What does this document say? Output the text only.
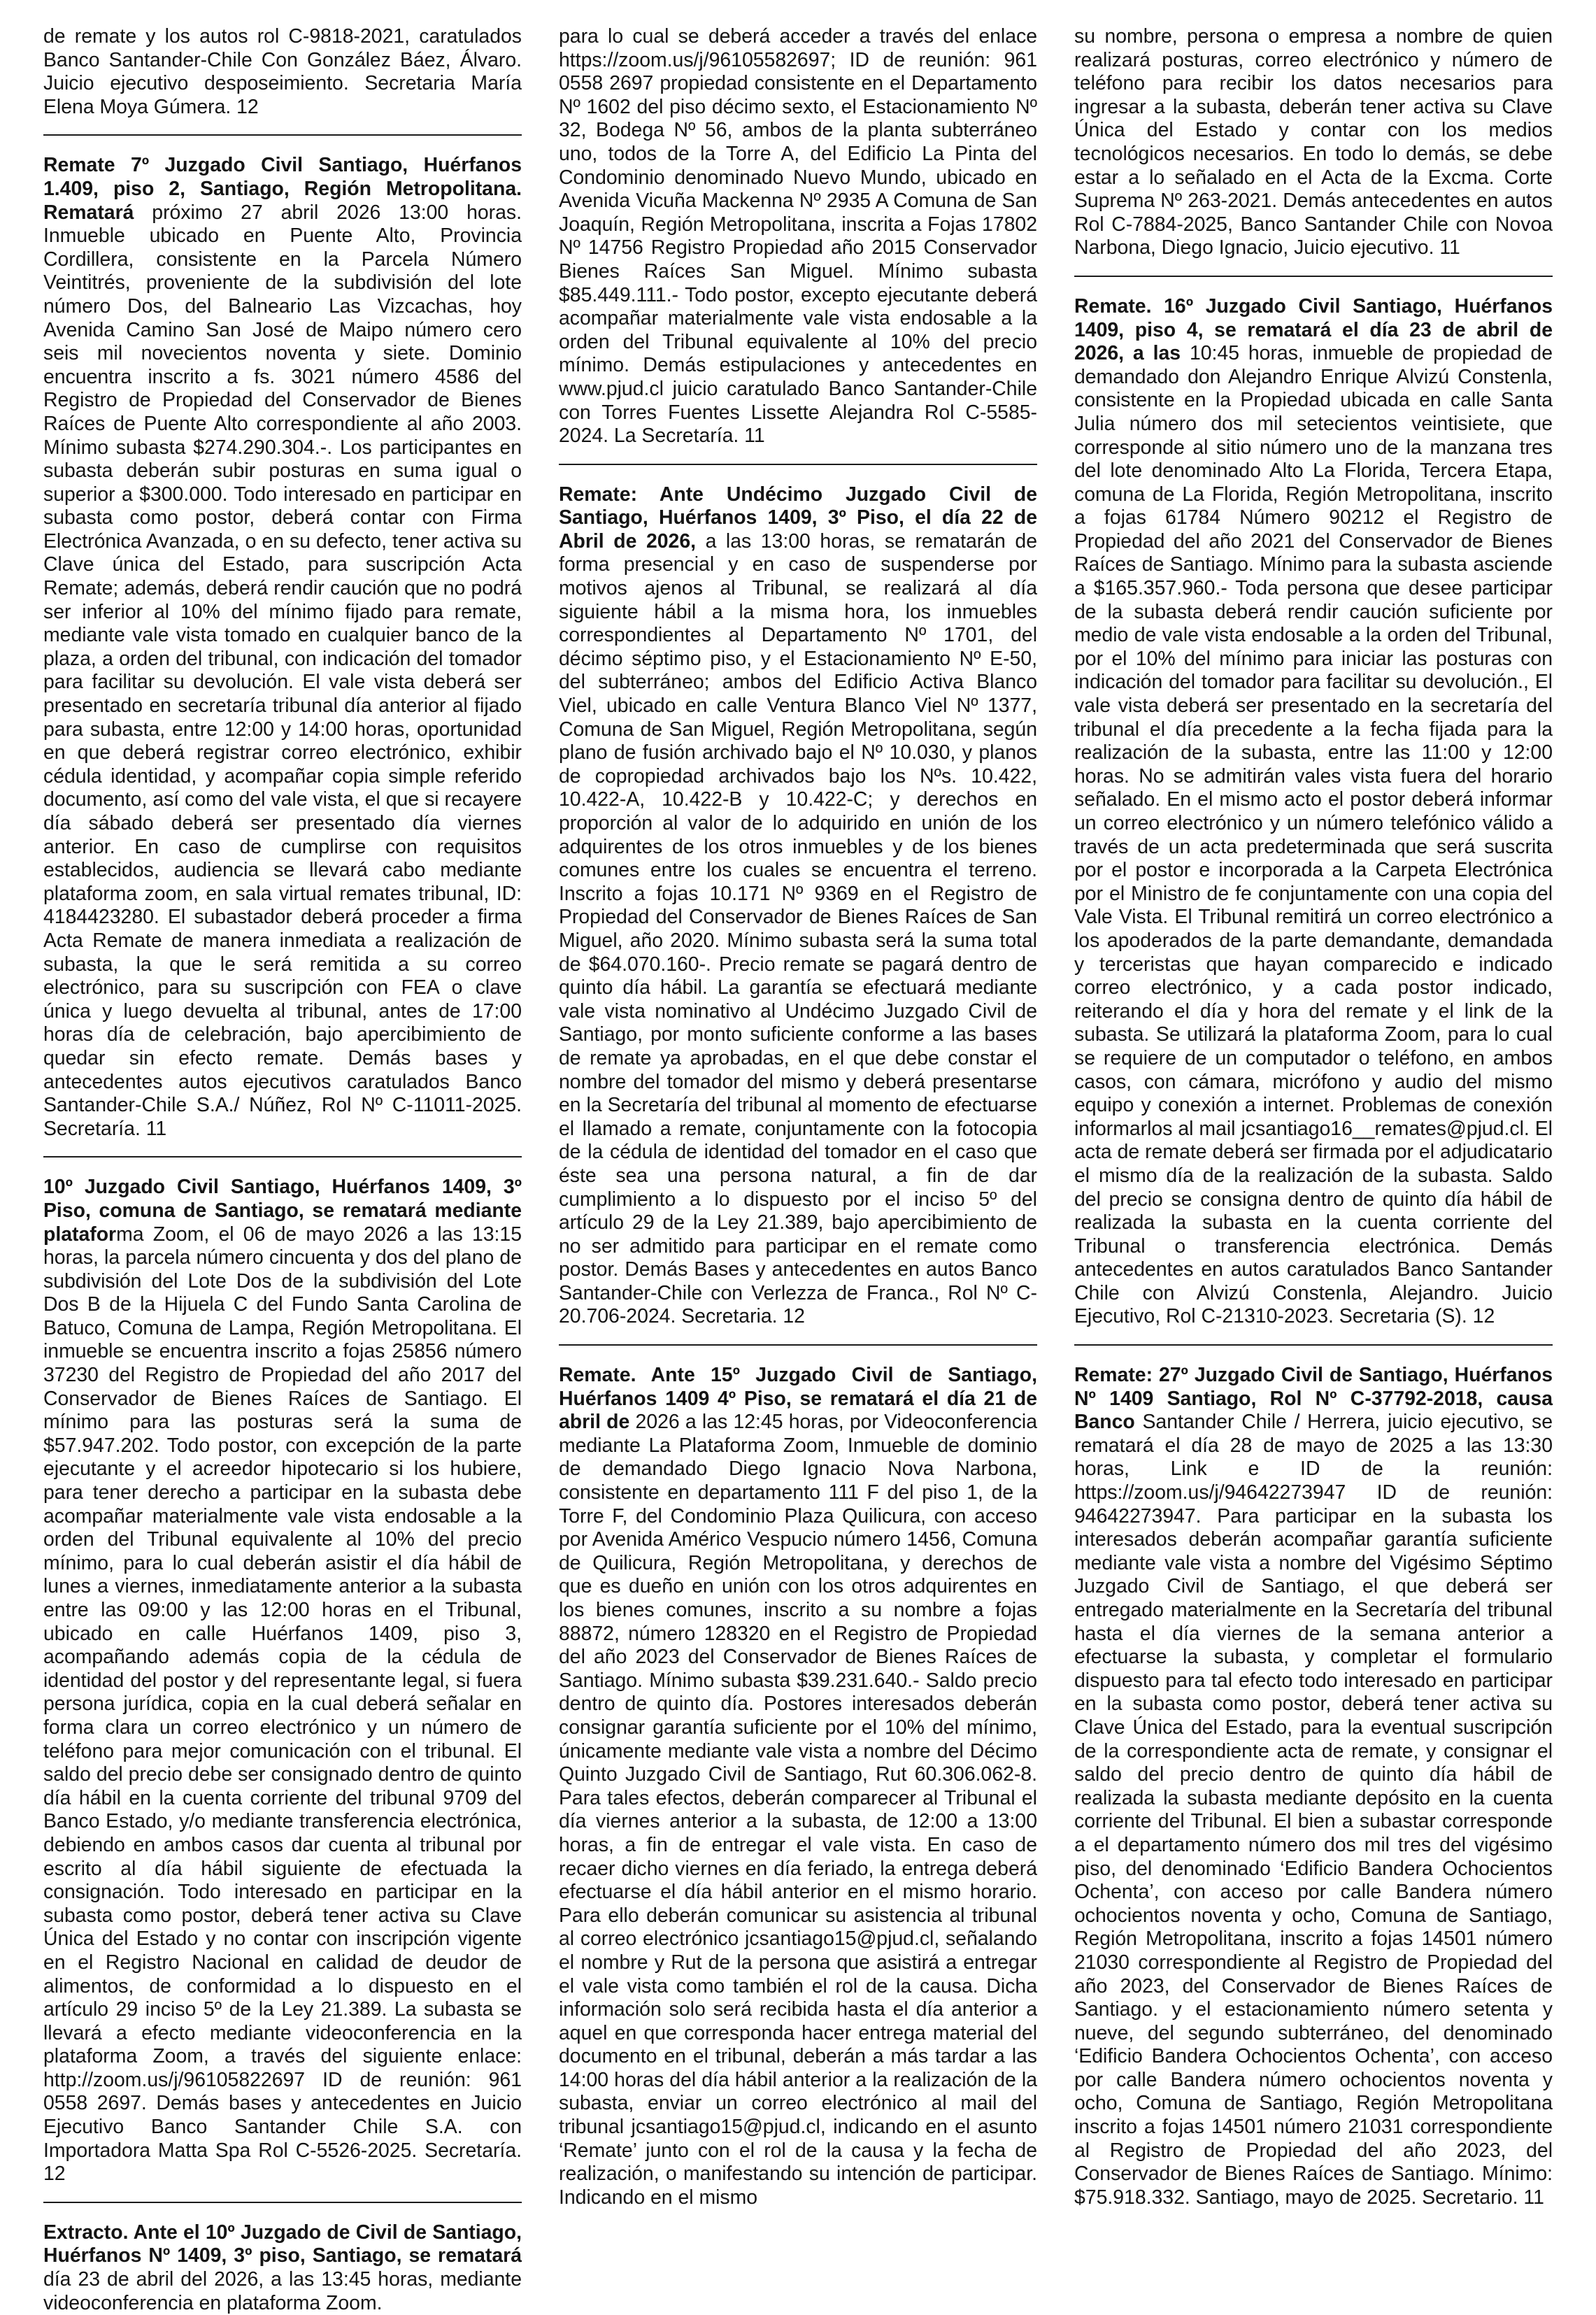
de remate y los autos rol C-9818-2021, caratulados Banco Santander-Chile Con González Báez, Álvaro. Juicio ejecutivo desposeimiento. Secretaria María Elena Moya Gúmera. 12

Remate 7º Juzgado Civil Santiago, Huérfanos 1.409, piso 2, Santiago, Región Metropolitana. Rematará próximo 27 abril 2026 13:00 horas. Inmueble ubicado en Puente Alto, Provincia Cordillera, consistente en la Parcela Número Veintitrés, proveniente de la subdivisión del lote número Dos, del Balneario Las Vizcachas, hoy Avenida Camino San José de Maipo número cero seis mil novecientos noventa y siete. Dominio encuentra inscrito a fs. 3021 número 4586 del Registro de Propiedad del Conservador de Bienes Raíces de Puente Alto correspondiente al año 2003. Mínimo subasta $274.290.304.-. Los participantes en subasta deberán subir posturas en suma igual o superior a $300.000. Todo interesado en participar en subasta como postor, deberá contar con Firma Electrónica Avanzada, o en su defecto, tener activa su Clave única del Estado, para suscripción Acta Remate; además, deberá rendir caución que no podrá ser inferior al 10% del mínimo fijado para remate, mediante vale vista tomado en cualquier banco de la plaza, a orden del tribunal, con indicación del tomador para facilitar su devolución. El vale vista deberá ser presentado en secretaría tribunal día anterior al fijado para subasta, entre 12:00 y 14:00 horas, oportunidad en que deberá registrar correo electrónico, exhibir cédula identidad, y acompañar copia simple referido documento, así como del vale vista, el que si recayere día sábado deberá ser presentado día viernes anterior. En caso de cumplirse con requisitos establecidos, audiencia se llevará cabo mediante plataforma zoom, en sala virtual remates tribunal, ID: 4184423280. El subastador deberá proceder a firma Acta Remate de manera inmediata a realización de subasta, la que le será remitida a su correo electrónico, para su suscripción con FEA o clave única y luego devuelta al tribunal, antes de 17:00 horas día de celebración, bajo apercibimiento de quedar sin efecto remate. Demás bases y antecedentes autos ejecutivos caratulados Banco Santander-Chile S.A./ Núñez, Rol Nº C-11011-2025. Secretaría. 11

10º Juzgado Civil Santiago, Huérfanos 1409, 3º Piso, comuna de Santiago, se rematará mediante plataforma Zoom, el 06 de mayo 2026 a las 13:15 horas, la parcela número cincuenta y dos del plano de subdivisión del Lote Dos de la subdivisión del Lote Dos B de la Hijuela C del Fundo Santa Carolina de Batuco, Comuna de Lampa, Región Metropolitana. El inmueble se encuentra inscrito a fojas 25856 número 37230 del Registro de Propiedad del año 2017 del Conservador de Bienes Raíces de Santiago. El mínimo para las posturas será la suma de $57.947.202. Todo postor, con excepción de la parte ejecutante y el acreedor hipotecario si los hubiere, para tener derecho a participar en la subasta debe acompañar materialmente vale vista endosable a la orden del Tribunal equivalente al 10% del precio mínimo, para lo cual deberán asistir el día hábil de lunes a viernes, inmediatamente anterior a la subasta entre las 09:00 y las 12:00 horas en el Tribunal, ubicado en calle Huérfanos 1409, piso 3, acompañando además copia de la cédula de identidad del postor y del representante legal, si fuera persona jurídica, copia en la cual deberá señalar en forma clara un correo electrónico y un número de teléfono para mejor comunicación con el tribunal. El saldo del precio debe ser consignado dentro de quinto día hábil en la cuenta corriente del tribunal 9709 del Banco Estado, y/o mediante transferencia electrónica, debiendo en ambos casos dar cuenta al tribunal por escrito al día hábil siguiente de efectuada la consignación. Todo interesado en participar en la subasta como postor, deberá tener activa su Clave Única del Estado y no contar con inscripción vigente en el Registro Nacional en calidad de deudor de alimentos, de conformidad a lo dispuesto en el artículo 29 inciso 5º de la Ley 21.389. La subasta se llevará a efecto mediante videoconferencia en la plataforma Zoom, a través del siguiente enlace: http://zoom.us/j/96105822697 ID de reunión: 961 0558 2697. Demás bases y antecedentes en Juicio Ejecutivo Banco Santander Chile S.A. con Importadora Matta Spa Rol C-5526-2025. Secretaría. 12

Extracto. Ante el 10º Juzgado de Civil de Santiago, Huérfanos Nº 1409, 3º piso, Santiago, se rematará día 23 de abril del 2026, a las 13:45 horas, mediante videoconferencia en plataforma Zoom.

para lo cual se deberá acceder a través del enlace https://zoom.us/j/96105582697; ID de reunión: 961 0558 2697 propiedad consistente en el Departamento Nº 1602 del piso décimo sexto, el Estacionamiento Nº 32, Bodega Nº 56, ambos de la planta subterráneo uno, todos de la Torre A, del Edificio La Pinta del Condominio denominado Nuevo Mundo, ubicado en Avenida Vicuña Mackenna Nº 2935 A Comuna de San Joaquín, Región Metropolitana, inscrita a Fojas 17802 Nº 14756 Registro Propiedad año 2015 Conservador Bienes Raíces San Miguel. Mínimo subasta $85.449.111.- Todo postor, excepto ejecutante deberá acompañar materialmente vale vista endosable a la orden del Tribunal equivalente al 10% del precio mínimo. Demás estipulaciones y antecedentes en www.pjud.cl juicio caratulado Banco Santander-Chile con Torres Fuentes Lissette Alejandra Rol C-5585-2024. La Secretaría. 11

Remate: Ante Undécimo Juzgado Civil de Santiago, Huérfanos 1409, 3º Piso, el día 22 de Abril de 2026, a las 13:00 horas, se rematarán de forma presencial y en caso de suspenderse por motivos ajenos al Tribunal, se realizará al día siguiente hábil a la misma hora, los inmuebles correspondientes al Departamento Nº 1701, del décimo séptimo piso, y el Estacionamiento Nº E-50, del subterráneo; ambos del Edificio Activa Blanco Viel, ubicado en calle Ventura Blanco Viel Nº 1377, Comuna de San Miguel, Región Metropolitana, según plano de fusión archivado bajo el Nº 10.030, y planos de copropiedad archivados bajo los Nºs. 10.422, 10.422-A, 10.422-B y 10.422-C; y derechos en proporción al valor de lo adquirido en unión de los adquirentes de los otros inmuebles y de los bienes comunes entre los cuales se encuentra el terreno. Inscrito a fojas 10.171 Nº 9369 en el Registro de Propiedad del Conservador de Bienes Raíces de San Miguel, año 2020. Mínimo subasta será la suma total de $64.070.160-. Precio remate se pagará dentro de quinto día hábil. La garantía se efectuará mediante vale vista nominativo al Undécimo Juzgado Civil de Santiago, por monto suficiente conforme a las bases de remate ya aprobadas, en el que debe constar el nombre del tomador del mismo y deberá presentarse en la Secretaría del tribunal al momento de efectuarse el llamado a remate, conjuntamente con la fotocopia de la cédula de identidad del tomador en el caso que éste sea una persona natural, a fin de dar cumplimiento a lo dispuesto por el inciso 5º del artículo 29 de la Ley 21.389, bajo apercibimiento de no ser admitido para participar en el remate como postor. Demás Bases y antecedentes en autos Banco Santander-Chile con Verlezza de Franca., Rol Nº C-20.706-2024. Secretaria. 12

Remate. Ante 15º Juzgado Civil de Santiago, Huérfanos 1409 4º Piso, se rematará el día 21 de abril de 2026 a las 12:45 horas, por Videoconferencia mediante La Plataforma Zoom, Inmueble de dominio de demandado Diego Ignacio Nova Narbona, consistente en departamento 111 F del piso 1, de la Torre F, del Condominio Plaza Quilicura, con acceso por Avenida Américo Vespucio número 1456, Comuna de Quilicura, Región Metropolitana, y derechos de que es dueño en unión con los otros adquirentes en los bienes comunes, inscrito a su nombre a fojas 88872, número 128320 en el Registro de Propiedad del año 2023 del Conservador de Bienes Raíces de Santiago. Mínimo subasta $39.231.640.- Saldo precio dentro de quinto día. Postores interesados deberán consignar garantía suficiente por el 10% del mínimo, únicamente mediante vale vista a nombre del Décimo Quinto Juzgado Civil de Santiago, Rut 60.306.062-8. Para tales efectos, deberán comparecer al Tribunal el día viernes anterior a la subasta, de 12:00 a 13:00 horas, a fin de entregar el vale vista. En caso de recaer dicho viernes en día feriado, la entrega deberá efectuarse el día hábil anterior en el mismo horario. Para ello deberán comunicar su asistencia al tribunal al correo electrónico jcsantiago15@pjud.cl, señalando el nombre y Rut de la persona que asistirá a entregar el vale vista como también el rol de la causa. Dicha información solo será recibida hasta el día anterior a aquel en que corresponda hacer entrega material del documento en el tribunal, deberán a más tardar a las 14:00 horas del día hábil anterior a la realización de la subasta, enviar un correo electrónico al mail del tribunal jcsantiago15@pjud.cl, indicando en el asunto ‘Remate’ junto con el rol de la causa y la fecha de realización, o manifestando su intención de participar. Indicando en el mismo

su nombre, persona o empresa a nombre de quien realizará posturas, correo electrónico y número de teléfono para recibir los datos necesarios para ingresar a la subasta, deberán tener activa su Clave Única del Estado y contar con los medios tecnológicos necesarios. En todo lo demás, se debe estar a lo señalado en el Acta de la Excma. Corte Suprema Nº 263-2021. Demás antecedentes en autos Rol C-7884-2025, Banco Santander Chile con Novoa Narbona, Diego Ignacio, Juicio ejecutivo. 11

Remate. 16º Juzgado Civil Santiago, Huérfanos 1409, piso 4, se rematará el día 23 de abril de 2026, a las 10:45 horas, inmueble de propiedad de demandado don Alejandro Enrique Alvizú Constenla, consistente en la Propiedad ubicada en calle Santa Julia número dos mil setecientos veintisiete, que corresponde al sitio número uno de la manzana tres del lote denominado Alto La Florida, Tercera Etapa, comuna de La Florida, Región Metropolitana, inscrito a fojas 61784 Número 90212 el Registro de Propiedad del año 2021 del Conservador de Bienes Raíces de Santiago. Mínimo para la subasta asciende a $165.357.960.- Toda persona que desee participar de la subasta deberá rendir caución suficiente por medio de vale vista endosable a la orden del Tribunal, por el 10% del mínimo para iniciar las posturas con indicación del tomador para facilitar su devolución., El vale vista deberá ser presentado en la secretaría del tribunal el día precedente a la fecha fijada para la realización de la subasta, entre las 11:00 y 12:00 horas. No se admitirán vales vista fuera del horario señalado. En el mismo acto el postor deberá informar un correo electrónico y un número telefónico válido a través de un acta predeterminada que será suscrita por el postor e incorporada a la Carpeta Electrónica por el Ministro de fe conjuntamente con una copia del Vale Vista. El Tribunal remitirá un correo electrónico a los apoderados de la parte demandante, demandada y terceristas que hayan comparecido e indicado correo electrónico, y a cada postor indicado, reiterando el día y hora del remate y el link de la subasta. Se utilizará la plataforma Zoom, para lo cual se requiere de un computador o teléfono, en ambos casos, con cámara, micrófono y audio del mismo equipo y conexión a internet. Problemas de conexión informarlos al mail jcsantiago16__remates@pjud.cl. El acta de remate deberá ser firmada por el adjudicatario el mismo día de la realización de la subasta. Saldo del precio se consigna dentro de quinto día hábil de realizada la subasta en la cuenta corriente del Tribunal o transferencia electrónica. Demás antecedentes en autos caratulados Banco Santander Chile con Alvizú Constenla, Alejandro. Juicio Ejecutivo, Rol C-21310-2023. Secretaria (S). 12

Remate: 27º Juzgado Civil de Santiago, Huérfanos Nº 1409 Santiago, Rol Nº C-37792-2018, causa Banco Santander Chile / Herrera, juicio ejecutivo, se rematará el día 28 de mayo de 2025 a las 13:30 horas, Link e ID de la reunión: https://zoom.us/j/94642273947 ID de reunión: 94642273947. Para participar en la subasta los interesados deberán acompañar garantía suficiente mediante vale vista a nombre del Vigésimo Séptimo Juzgado Civil de Santiago, el que deberá ser entregado materialmente en la Secretaría del tribunal hasta el día viernes de la semana anterior a efectuarse la subasta, y completar el formulario dispuesto para tal efecto todo interesado en participar en la subasta como postor, deberá tener activa su Clave Única del Estado, para la eventual suscripción de la correspondiente acta de remate, y consignar el saldo del precio dentro de quinto día hábil de realizada la subasta mediante depósito en la cuenta corriente del Tribunal. El bien a subastar corresponde a el departamento número dos mil tres del vigésimo piso, del denominado ‘Edificio Bandera Ochocientos Ochenta’, con acceso por calle Bandera número ochocientos noventa y ocho, Comuna de Santiago, Región Metropolitana, inscrito a fojas 14501 número 21030 correspondiente al Registro de Propiedad del año 2023, del Conservador de Bienes Raíces de Santiago. y el estacionamiento número setenta y nueve, del segundo subterráneo, del denominado ‘Edificio Bandera Ochocientos Ochenta’, con acceso por calle Bandera número ochocientos noventa y ocho, Comuna de Santiago, Región Metropolitana inscrito a fojas 14501 número 21031 correspondiente al Registro de Propiedad del año 2023, del Conservador de Bienes Raíces de Santiago. Mínimo: $75.918.332. Santiago, mayo de 2025. Secretario. 11
